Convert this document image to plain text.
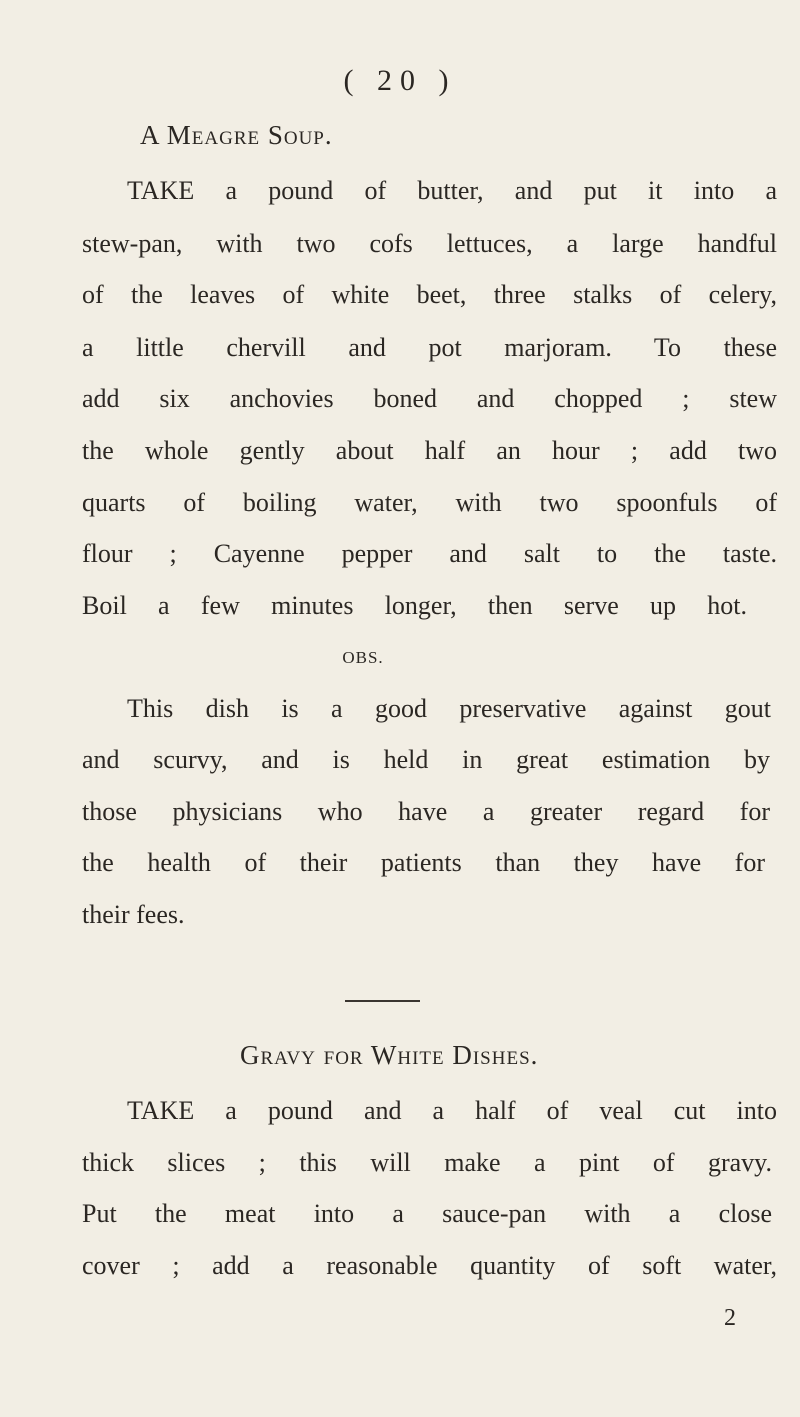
( 20 )
A Meagre Soup.
TAKE a pound of butter, and put it into a
stew-pan, with two cofs lettuces, a large handful
of the leaves of white beet, three stalks of celery,
a little chervill and pot marjoram. To these
add six anchovies boned and chopped ; stew
the whole gently about half an hour ; add two
quarts of boiling water, with two spoonfuls of
flour ; Cayenne pepper and salt to the taste.
Boil a few minutes longer, then serve up hot.
OBS.
This dish is a good preservative against gout
and scurvy, and is held in great estimation by
those physicians who have a greater regard for
the health of their patients than they have for
their fees.
Gravy for White Dishes.
TAKE a pound and a half of veal cut into
thick slices ; this will make a pint of gravy.
Put the meat into a sauce-pan with a close
cover ; add a reasonable quantity of soft water,
2
